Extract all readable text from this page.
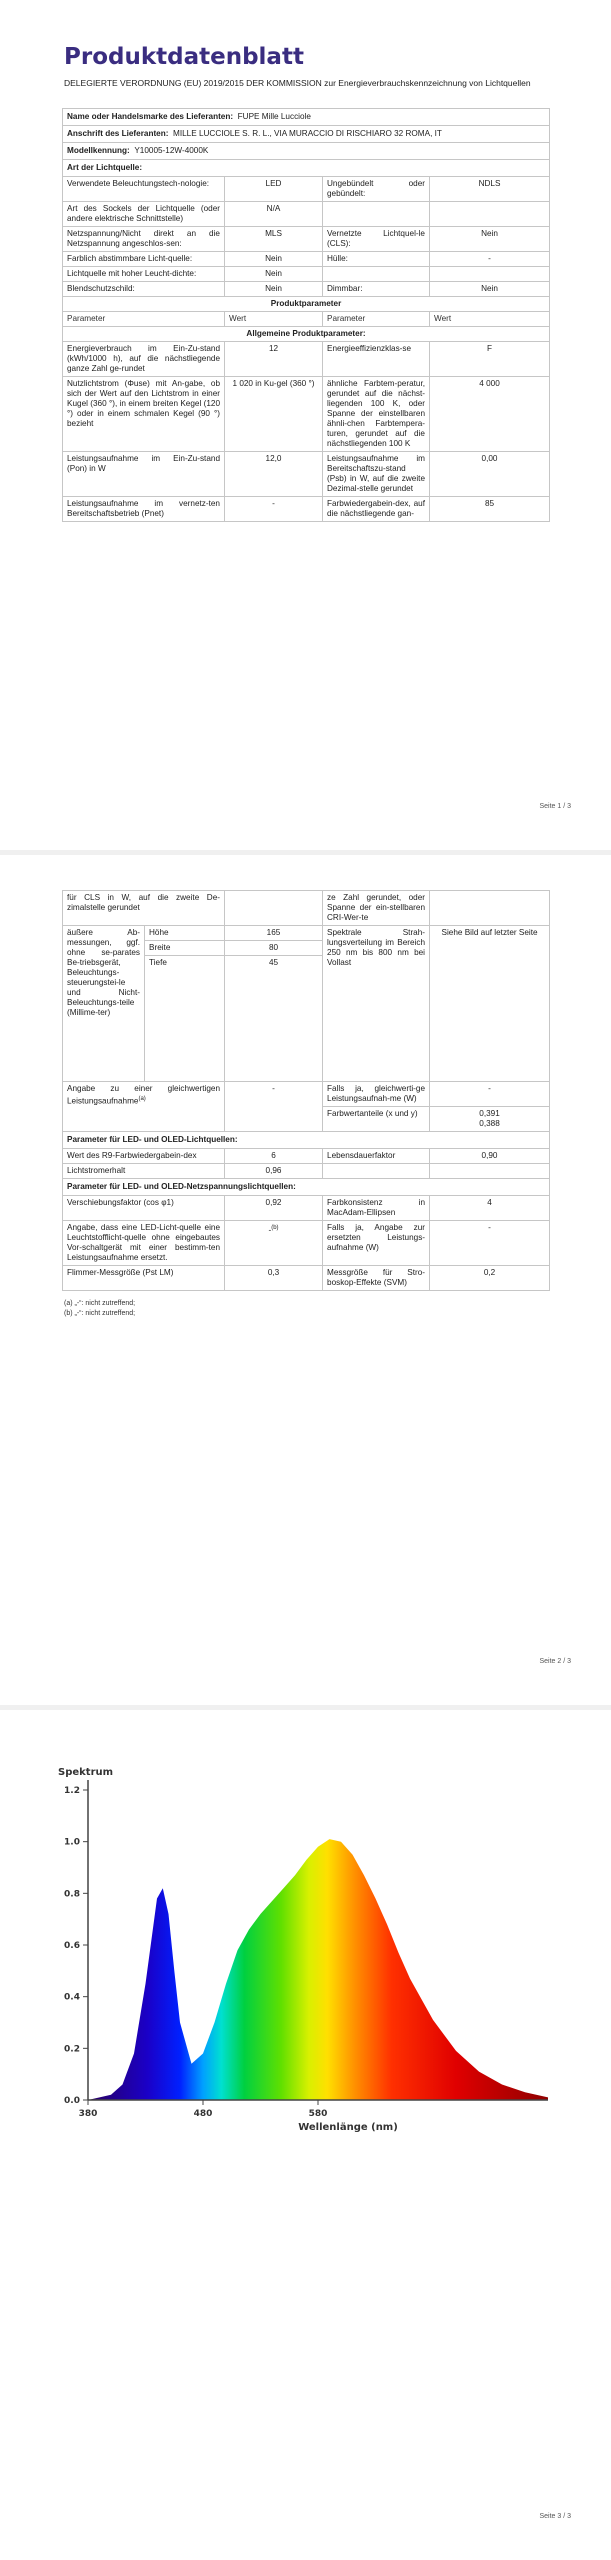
Produktdatenblatt
DELEGIERTE VERORDNUNG (EU) 2019/2015 DER KOMMISSION zur Energieverbrauchskennzeichnung von Lichtquellen
Name oder Handelsmarke des Lieferanten: FUPE Mille Lucciole			
Anschrift des Lieferanten: MILLE LUCCIOLE S. R. L., VIA MURACCIO DI RISCHIARO 32 ROMA, IT			
Modellkennung: Y10005-12W-4000K			
Art der Lichtquelle:			
Verwendete Beleuchtungstech-nologie:	LED	Ungebündelt oder gebündelt:	NDLS
Art des Sockels der Lichtquelle (oder andere elektrische Schnittstelle)	N/A		
Netzspannung/Nicht direkt an die Netzspannung angeschlos-sen:	MLS	Vernetzte Lichtquel-le (CLS):	Nein
Farblich abstimmbare Licht-quelle:	Nein	Hülle:	-
Lichtquelle mit hoher Leucht-dichte:	Nein		
Blendschutzschild:	Nein	Dimmbar:	Nein
Produktparameter			
Parameter	Wert	Parameter	Wert
Allgemeine Produktparameter:			
Energieverbrauch im Ein-Zu-stand (kWh/1000 h), auf die nächstliegende ganze Zahl ge-rundet	12	Energieeffizienzklas-se	F
Nutzlichtstrom (Φuse) mit An-gabe, ob sich der Wert auf den Lichtstrom in einer Kugel (360 °), in einem breiten Kegel (120 °) oder in einem schmalen Kegel (90 °) bezieht	1 020 in Ku-gel (360 °)	ähnliche Farbtem-peratur, gerundet auf die nächst-liegenden 100 K, oder Spanne der einstellbaren ähnli-chen Farbtempera-turen, gerundet auf die nächstliegenden 100 K	4 000
Leistungsaufnahme im Ein-Zu-stand (Pon) in W	12,0	Leistungsaufnahme im Bereitschaftszu-stand (Psb) in W, auf die zweite Dezimal-stelle gerundet	0,00
Leistungsaufnahme im vernetz-ten Bereitschaftsbetrieb (Pnet)	-	Farbwiedergabein-dex, auf die nächstliegende gan-	85
Seite 1 / 3
für CLS in W, auf die zweite De-zimalstelle gerundet			ze Zahl gerundet, oder Spanne der ein-stellbaren CRI-Wer-te	
äußere Ab-messungen, ggf. ohne se-parates Be-triebsgerät, Beleuchtungs-steuerungstei-le und Nicht-Beleuchtungs-teile (Millime-ter)	Höhe	165	Spektrale Strah-lungsverteilung im Bereich 250 nm bis 800 nm bei Vollast	Siehe Bild auf letzter Seite
	Breite	80		
	Tiefe	45		
Angabe zu einer gleichwertigen Leistungsaufnahme$^{(a)}$		-	Falls ja, gleichwerti-ge Leistungsaufnah-me (W)	-
			Farbwertanteile (x und y)	0,391
0,388

Parameter für LED- und OLED-Lichtquellen:				
Wert des R9-Farbwiedergabein-dex		6	Lebensdauerfaktor	0,90
Lichtstromerhalt		0,96		
Parameter für LED- und OLED-Netzspannungslichtquellen:				
Verschiebungsfaktor (cos φ1)		0,92	Farbkonsistenz in MacAdam-Ellipsen	4
Angabe, dass eine LED-Licht-quelle eine Leuchtstofflicht-quelle ohne eingebautes Vor-schaltgerät mit einer bestimm-ten Leistungsaufnahme ersetzt.		-$^{(b)}$	Falls ja, Angabe zur ersetzten Leistungs-aufnahme (W)	-
Flimmer-Messgröße (Pst LM)		0,3	Messgröße für Stro-boskop-Effekte (SVM)	0,2
(a) „-“: nicht zutreffend;
(b) „-“: nicht zutreffend;
Seite 2 / 3
Spektrum
0.0
0.2
0.4
0.6
0.8
1.0
1.2
380	480	580
Wellenlänge (nm)
Seite 3 / 3
